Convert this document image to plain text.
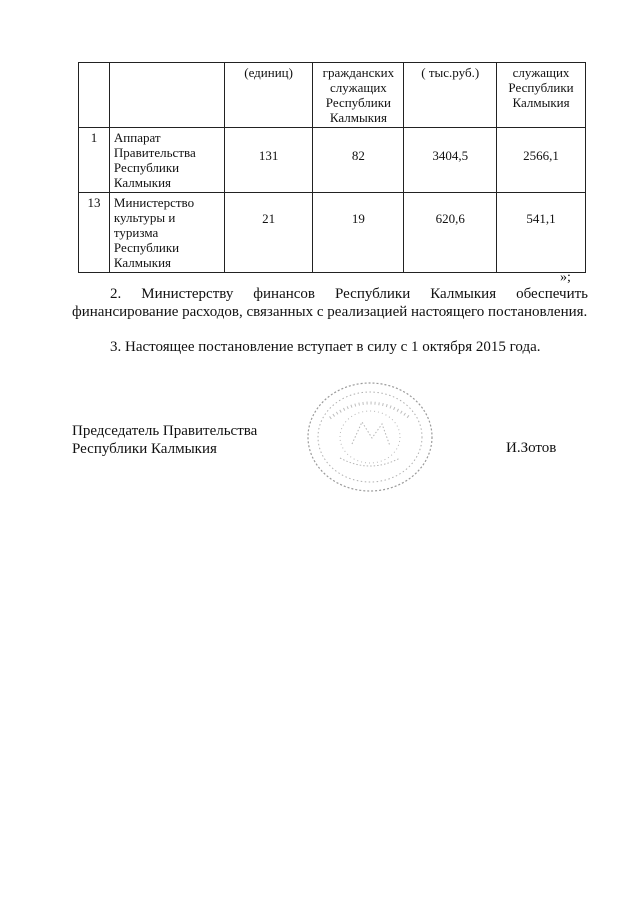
		(единиц)	гражданских служащих Республики Калмыкия	( тыс.руб.)	служащих Республики Калмыкия
1	Аппарат Правительства Республики Калмыкия	131	82	3404,5	2566,1
13	Министерство культуры и туризма Республики Калмыкия	21	19	620,6	541,1
»;
2. Министерству финансов Республики Калмыкия обеспечить финансирование расходов, связанных с реализацией настоящего постановления.
3. Настоящее постановление вступает в силу с 1 октября 2015 года.
Председатель Правительства
Республики Калмыкия	И.Зотов
